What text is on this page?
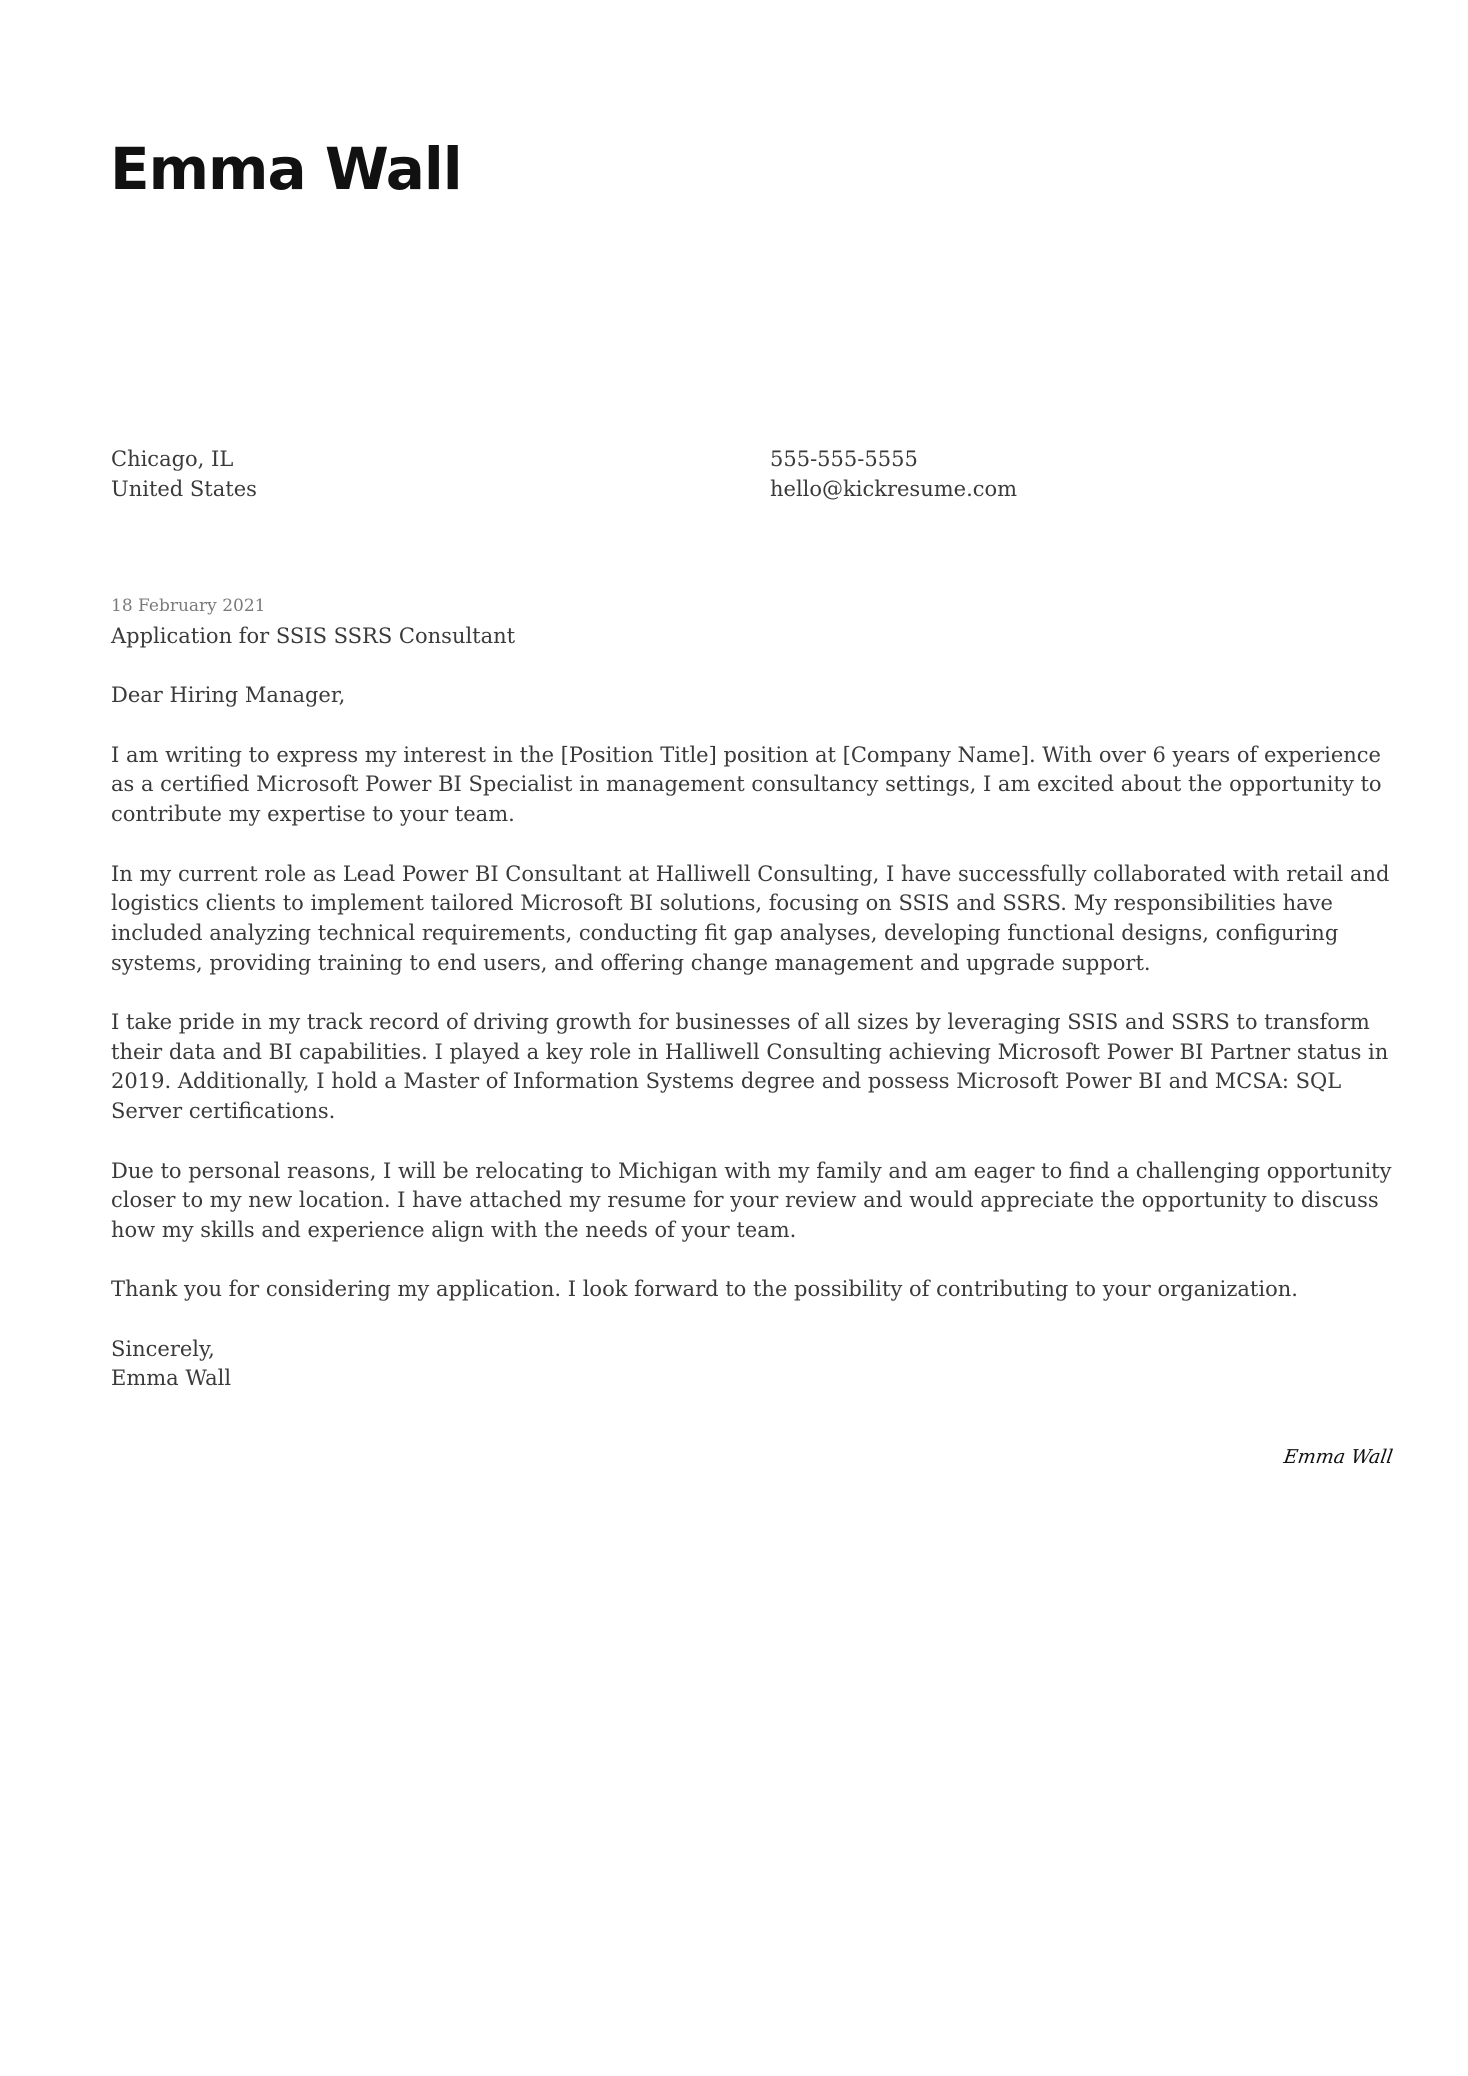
Emma Wall
Chicago, IL
United States
555-555-5555
hello@kickresume.com
18 February 2021

Application for SSIS SSRS Consultant

Dear Hiring Manager,

I am writing to express my interest in the [Position Title] position at [Company Name]. With over 6 years of experience as a certified Microsoft Power BI Specialist in management consultancy settings, I am excited about the opportunity to contribute my expertise to your team.

In my current role as Lead Power BI Consultant at Halliwell Consulting, I have successfully collaborated with retail and logistics clients to implement tailored Microsoft BI solutions, focusing on SSIS and SSRS. My responsibilities have included analyzing technical requirements, conducting fit gap analyses, developing functional designs, configuring systems, providing training to end users, and offering change management and upgrade support.

I take pride in my track record of driving growth for businesses of all sizes by leveraging SSIS and SSRS to transform their data and BI capabilities. I played a key role in Halliwell Consulting achieving Microsoft Power BI Partner status in 2019. Additionally, I hold a Master of Information Systems degree and possess Microsoft Power BI and MCSA: SQL Server certifications.

Due to personal reasons, I will be relocating to Michigan with my family and am eager to find a challenging opportunity closer to my new location. I have attached my resume for your review and would appreciate the opportunity to discuss how my skills and experience align with the needs of your team.

Thank you for considering my application. I look forward to the possibility of contributing to your organization.

Sincerely,
Emma Wall
Emma Wall
